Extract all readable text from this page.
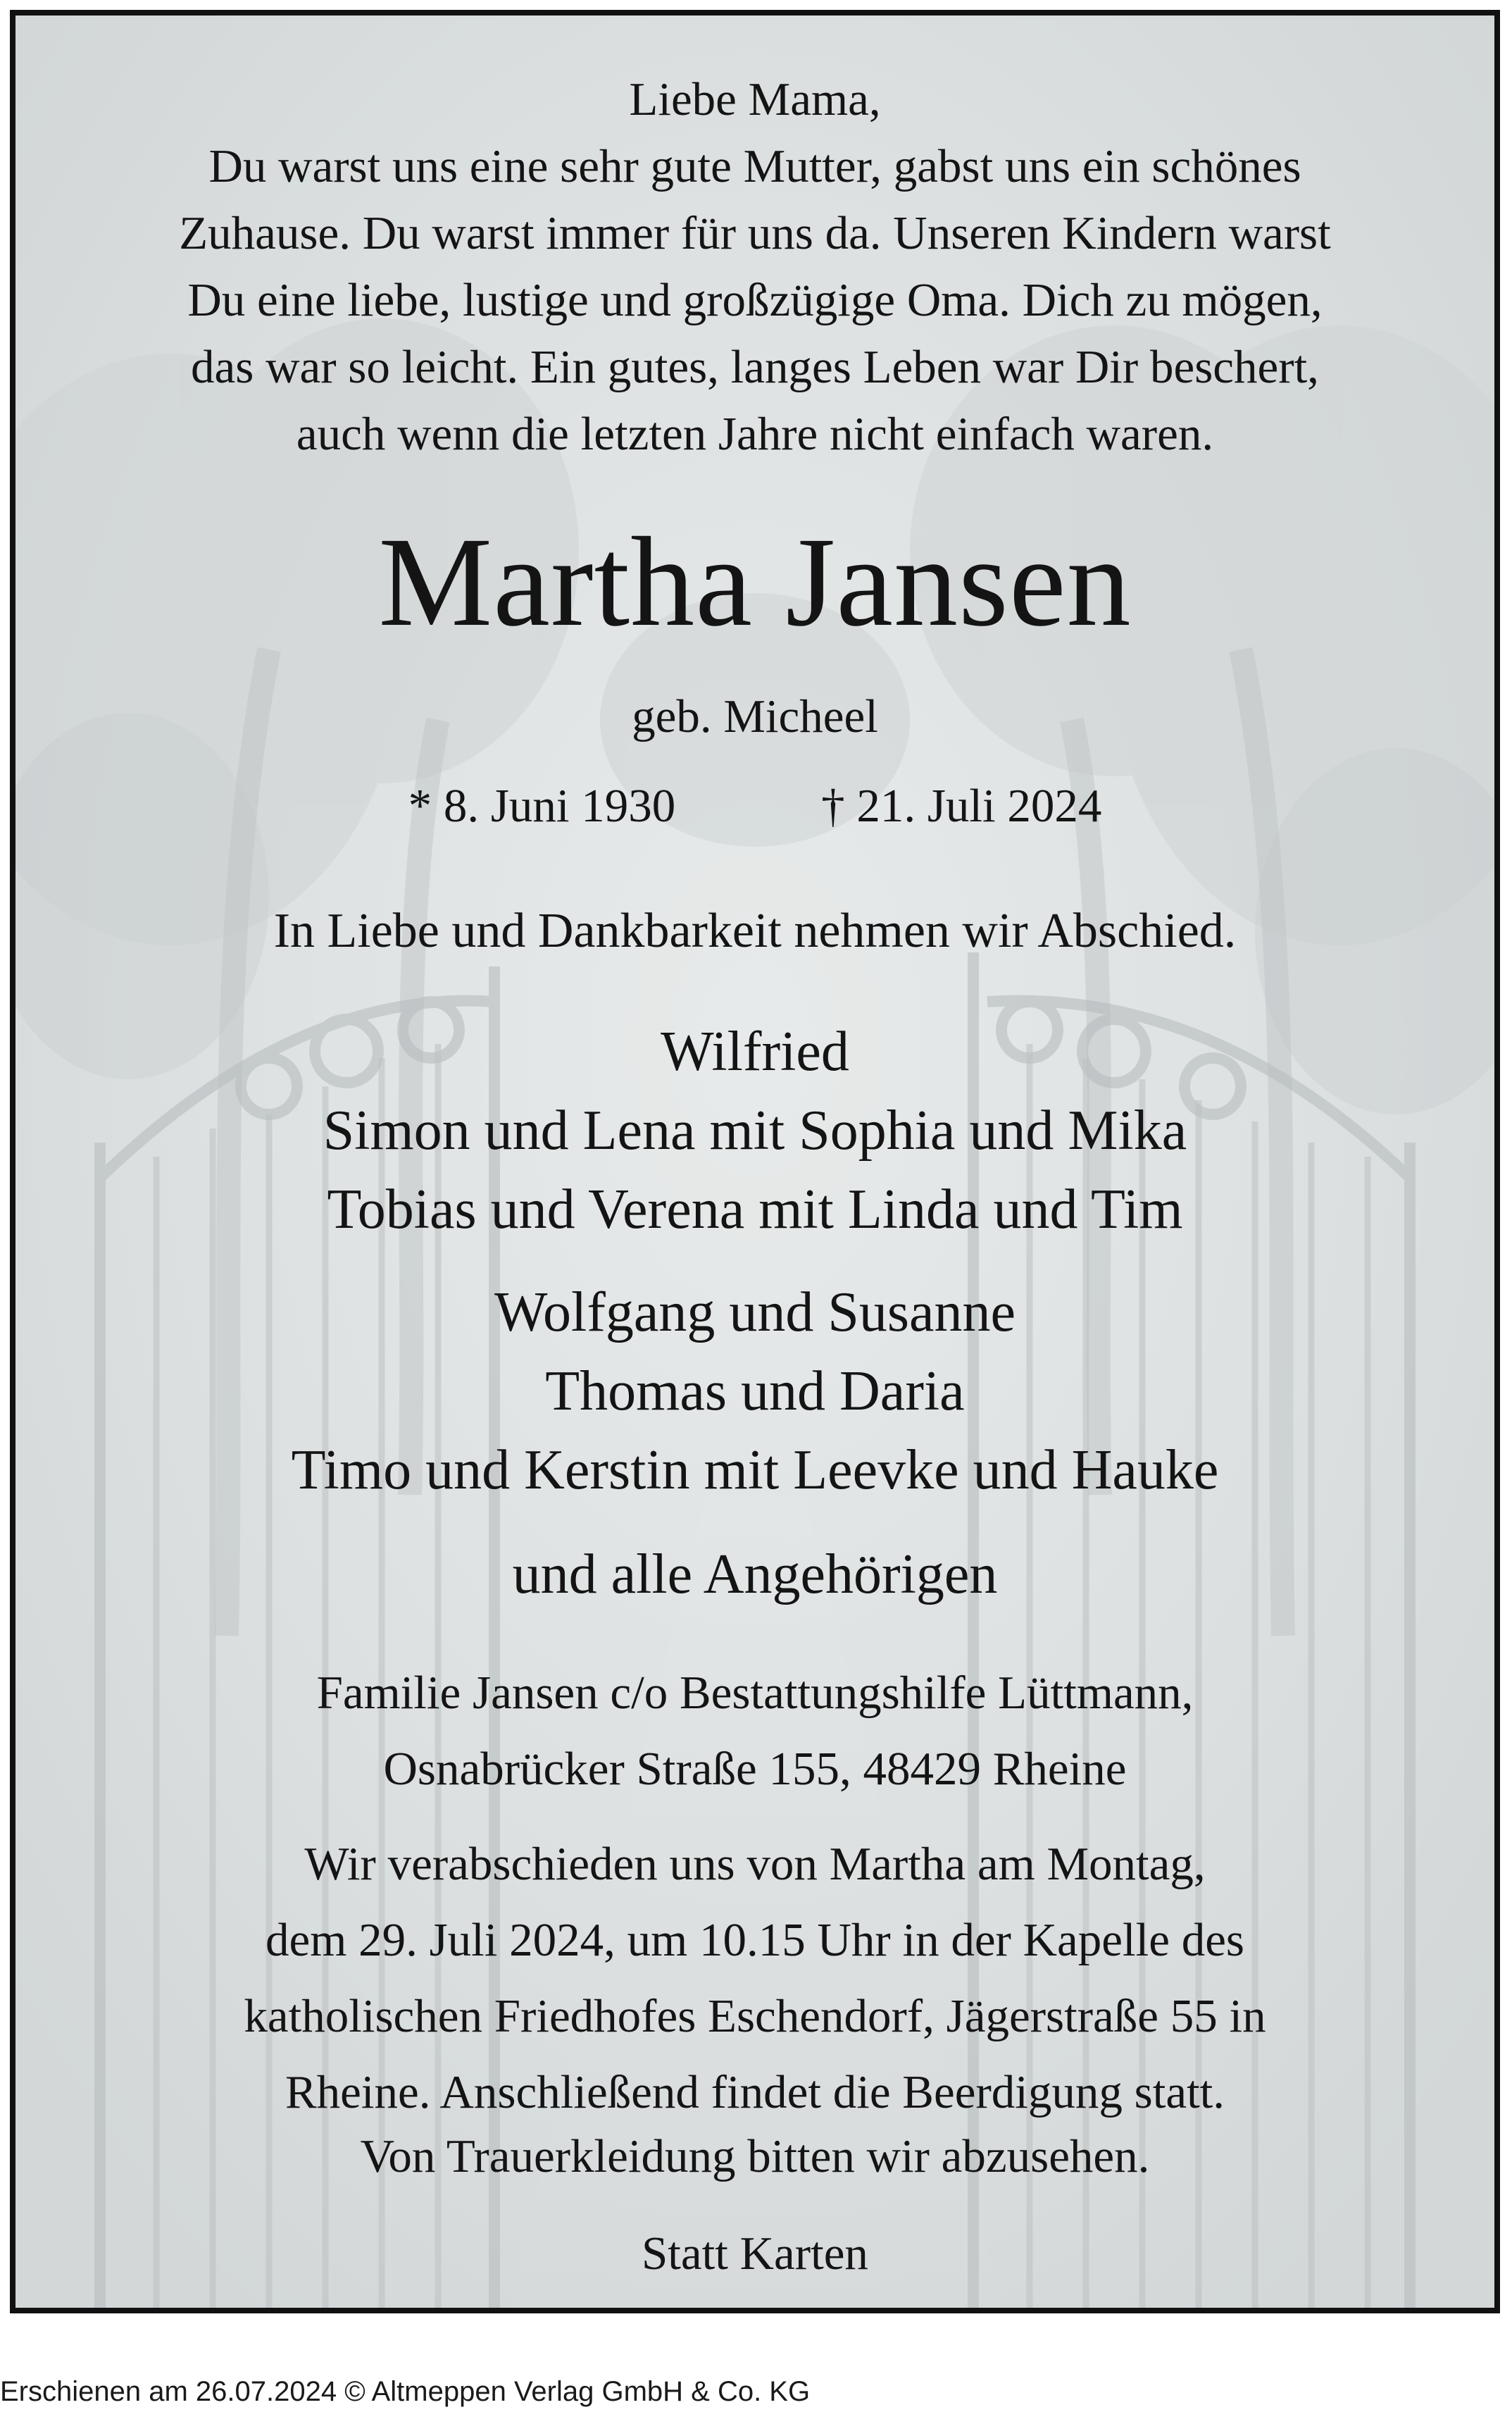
Liebe Mama,
Du warst uns eine sehr gute Mutter, gabst uns ein schönes
Zuhause. Du warst immer für uns da. Unseren Kindern warst
Du eine liebe, lustige und großzügige Oma. Dich zu mögen,
das war so leicht. Ein gutes, langes Leben war Dir beschert,
auch wenn die letzten Jahre nicht einfach waren.
Martha Jansen
geb. Micheel
* 8. Juni 1930	† 21. Juli 2024
In Liebe und Dankbarkeit nehmen wir Abschied.
Wilfried
Simon und Lena mit Sophia und Mika
Tobias und Verena mit Linda und Tim
Wolfgang und Susanne
Thomas und Daria
Timo und Kerstin mit Leevke und Hauke
und alle Angehörigen
Familie Jansen c/o Bestattungshilfe Lüttmann,
Osnabrücker Straße 155, 48429 Rheine
Wir verabschieden uns von Martha am Montag,
dem 29. Juli 2024, um 10.15 Uhr in der Kapelle des
katholischen Friedhofes Eschendorf, Jägerstraße 55 in
Rheine. Anschließend findet die Beerdigung statt.
Von Trauerkleidung bitten wir abzusehen.
Statt Karten
Erschienen am 26.07.2024 © Altmeppen Verlag GmbH & Co. KG
